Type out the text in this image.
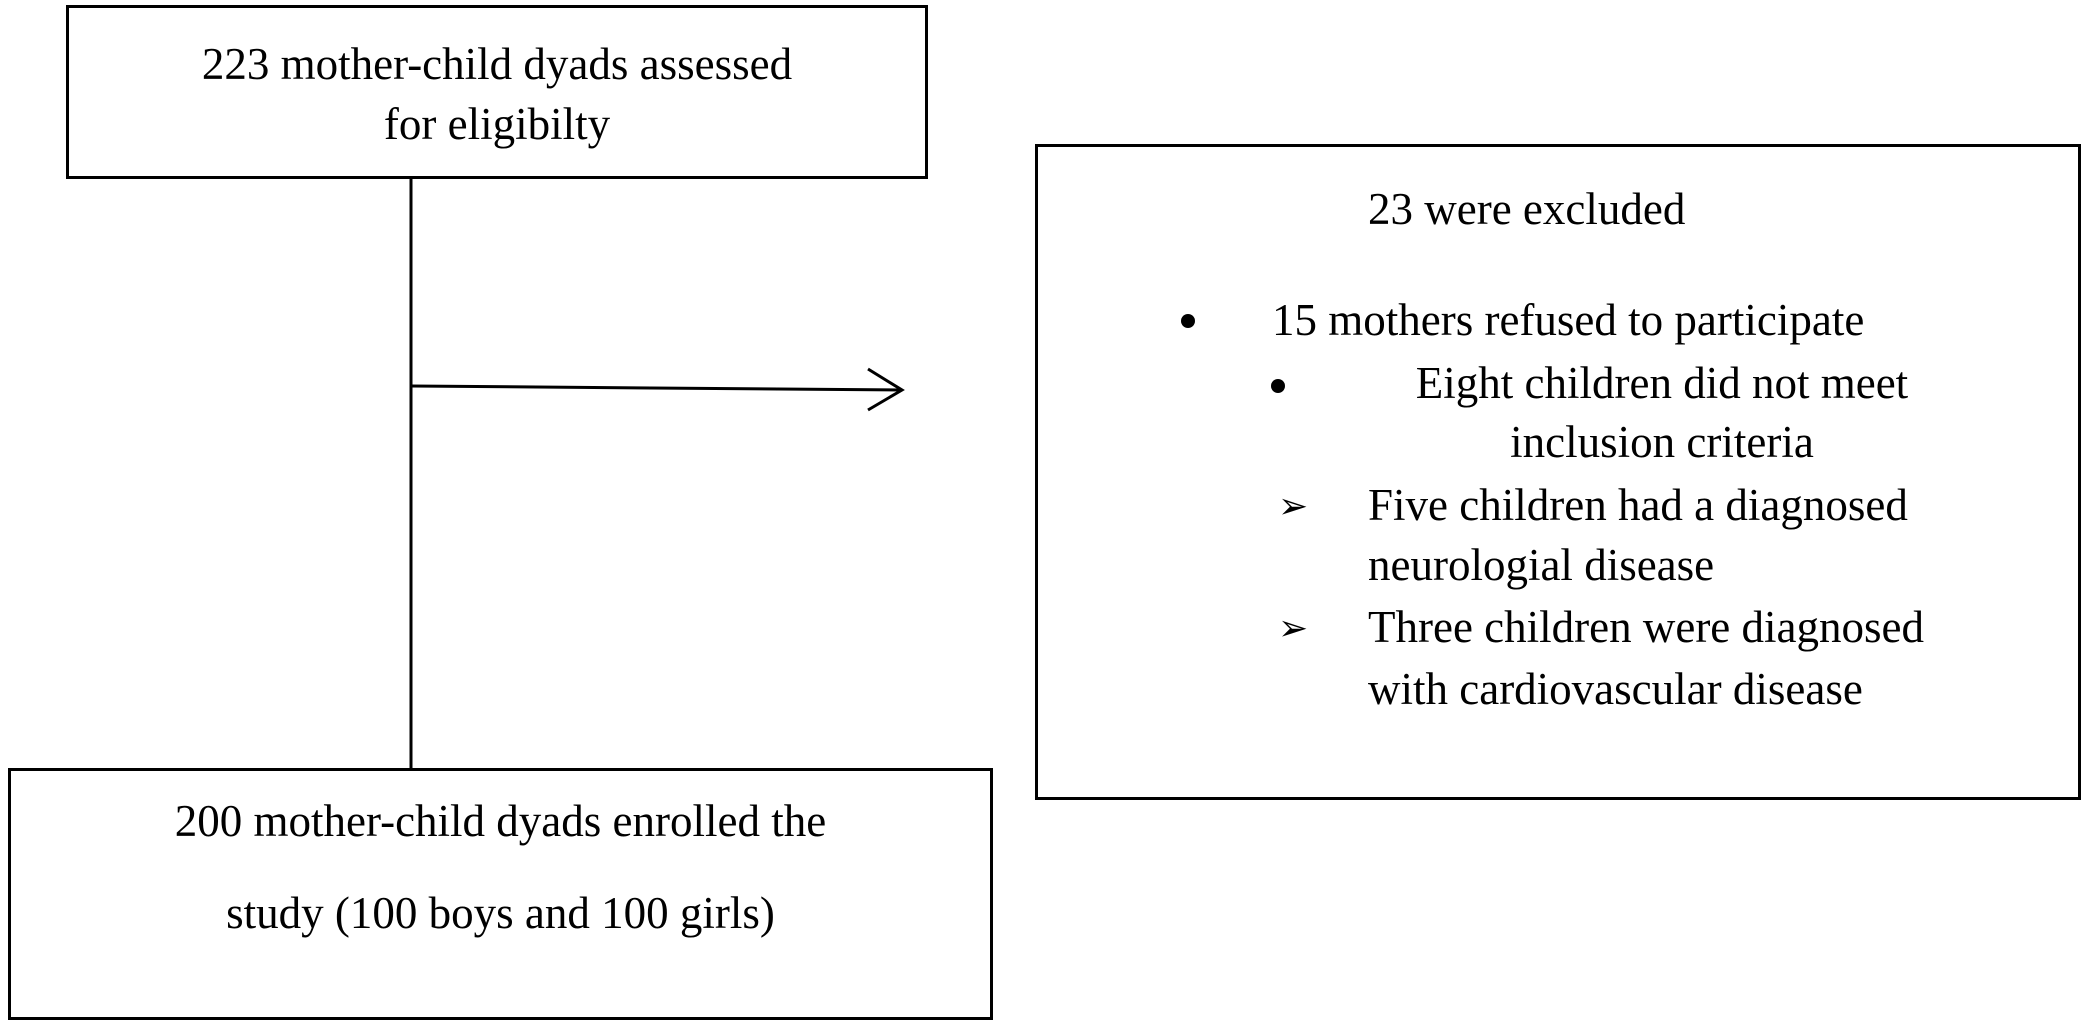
223 mother-child dyads assessed
for eligibilty
200 mother-child dyads enrolled the
study (100 boys and 100 girls)
23 were excluded
15 mothers refused to participate
Eight children did not meet
inclusion criteria
➢ Five children had a diagnosed
neurologial disease
➢ Three children were diagnosed
with cardiovascular disease
